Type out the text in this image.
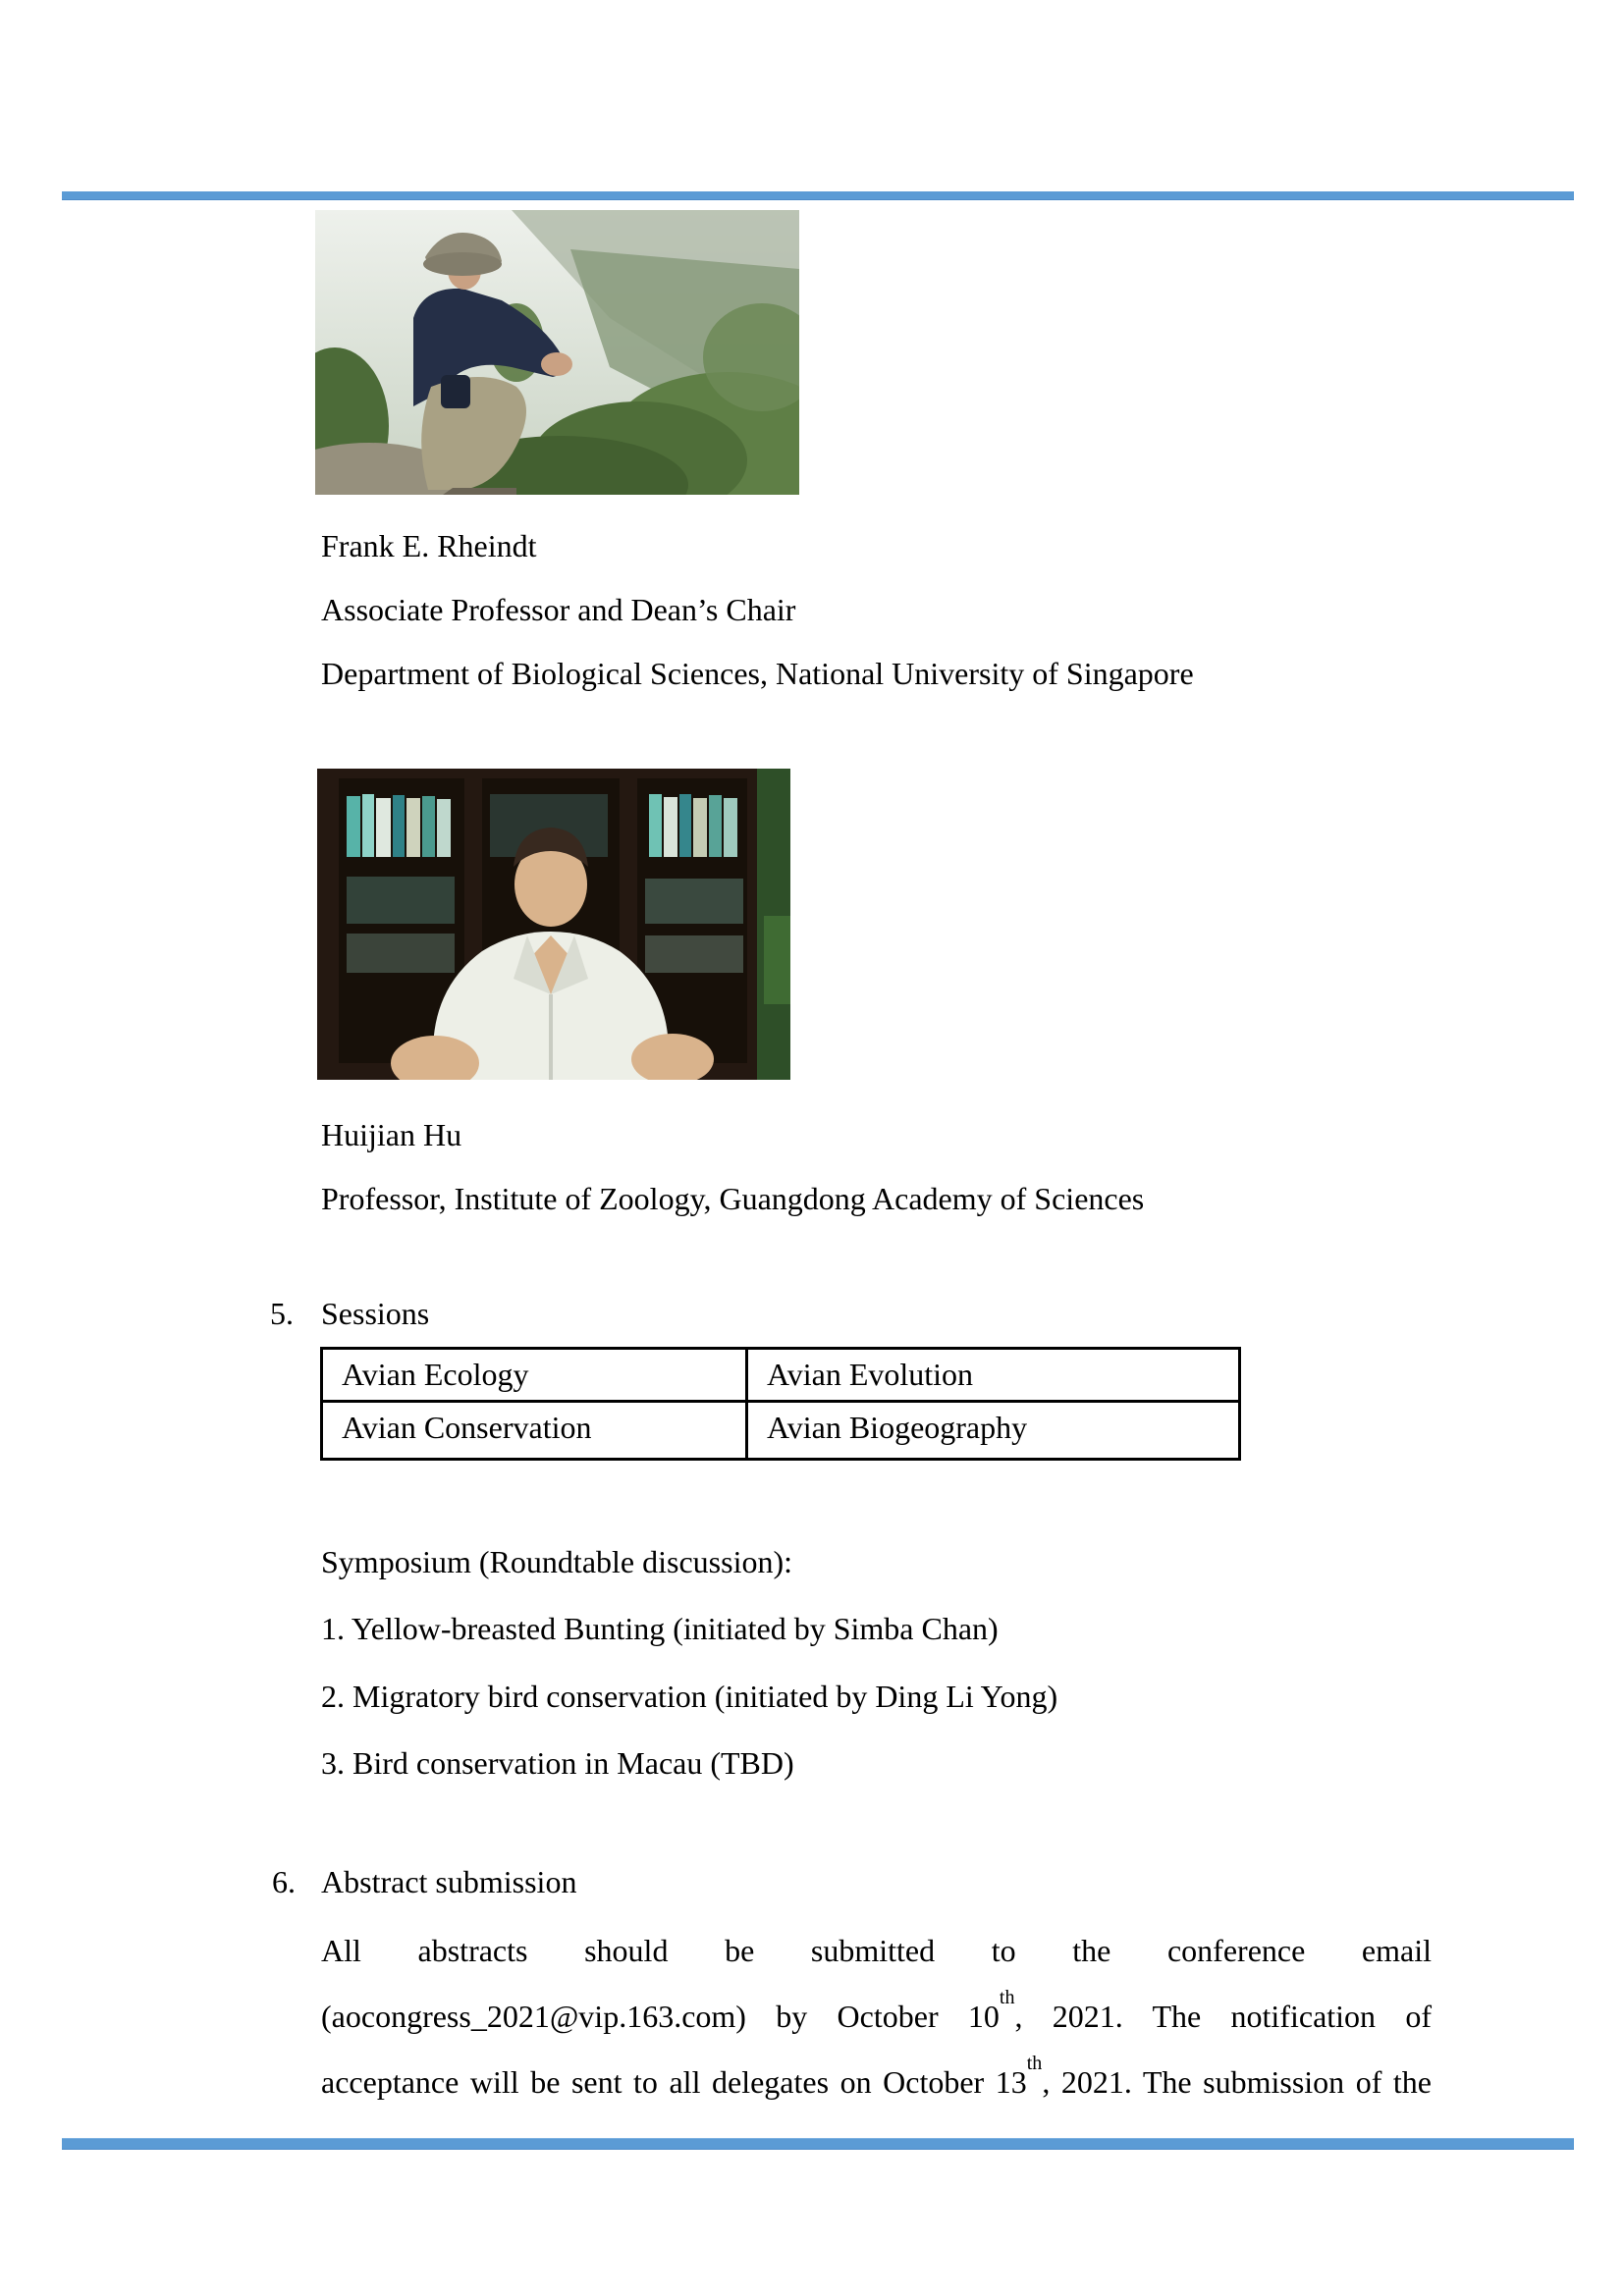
Frank E. Rheindt
Associate Professor and Dean’s Chair
Department of Biological Sciences, National University of Singapore
Huijian Hu
Professor, Institute of Zoology, Guangdong Academy of Sciences
5. Sessions
Avian Ecology	Avian Evolution
Avian Conservation	Avian Biogeography
Symposium (Roundtable discussion):
1. Yellow-breasted Bunting (initiated by Simba Chan)
2. Migratory bird conservation (initiated by Ding Li Yong)
3. Bird conservation in Macau (TBD)
6. Abstract submission
All abstracts should be submitted to the conference email
(aocongress_2021@vip.163.com) by October 10th, 2021. The notification of
acceptance will be sent to all delegates on October 13th, 2021. The submission of the
